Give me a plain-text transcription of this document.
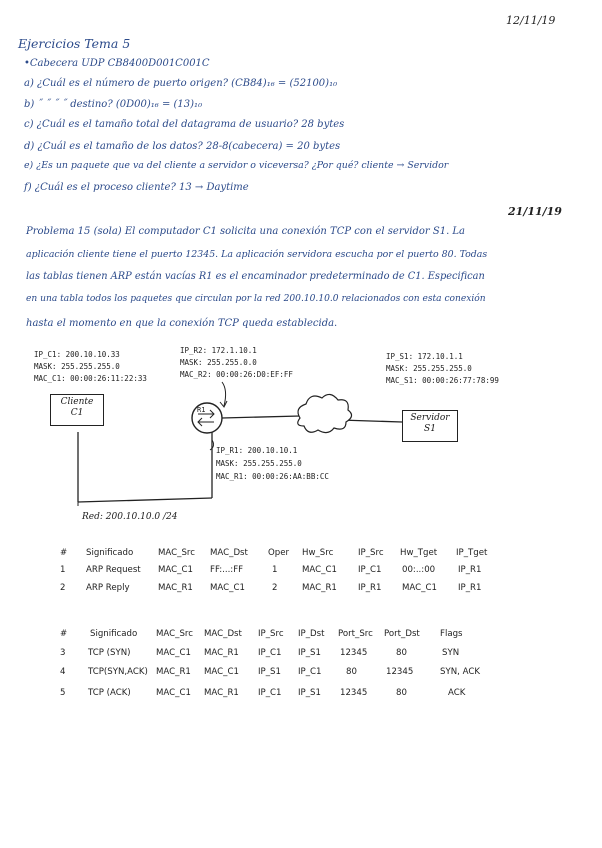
12/11/19
Ejercicios Tema 5
•Cabecera UDP CB8400D001C001C
a) ¿Cuál es el número de puerto origen? (CB84)₁₆ = (52100)₁₀
b) ˝ ˝ ˝ ˝ destino? (0D00)₁₆ = (13)₁₀
c) ¿Cuál es el tamaño total del datagrama de usuario? 28 bytes
d) ¿Cuál es el tamaño de los datos? 28-8(cabecera) = 20 bytes
e) ¿Es un paquete que va del cliente a servidor o viceversa? ¿Por qué? cliente → Servidor
f) ¿Cuál es el proceso cliente? 13 → Daytime
21/11/19
Problema 15 (sola) El computador C1 solicita una conexión TCP con el servidor S1. La
aplicación cliente tiene el puerto 12345. La aplicación servidora escucha por el puerto 80. Todas
las tablas tienen ARP están vacías R1 es el encaminador predeterminado de C1. Especifican
en una tabla todos los paquetes que circulan por la red 200.10.10.0 relacionados con esta conexión
hasta el momento en que la conexión TCP queda establecida.
Cliente C1	Servidor S1
R1
IP_C1: 200.10.10.33
MASK: 255.255.255.0
MAC_C1: 00:00:26:11:22:33
IP_R2: 172.1.10.1
MASK: 255.255.0.0
MAC_R2: 00:00:26:D0:EF:FF
IP_S1: 172.10.1.1
MASK: 255.255.255.0
MAC_S1: 00:00:26:77:78:99
IP_R1: 200.10.10.1
MASK: 255.255.255.0
MAC_R1: 00:00:26:AA:BB:CC
Red: 200.10.10.0 /24
# Significado	MAC_Src MAC_Dst Oper Hw_Src	IP_Src Hw_Tget IP_Tget
1 ARP Request MAC_C1 FF:...:FF	1	MAC_C1 IP_C1 00:..:00	IP_R1
2 ARP Reply	MAC_R1 MAC_C1	2	MAC_R1 IP_R1 MAC_C1 IP_R1
#	Significado MAC_Src MAC_Dst IP_Src IP_Dst Port_Src Port_Dst Flags
3	TCP (SYN)	MAC_C1 MAC_R1 IP_C1 IP_S1 12345	80	SYN
4	TCP(SYN,ACK) MAC_R1 MAC_C1 IP_S1 IP_C1	80	12345	SYN, ACK
5	TCP (ACK)	MAC_C1 MAC_R1 IP_C1 IP_S1 12345	80	ACK
